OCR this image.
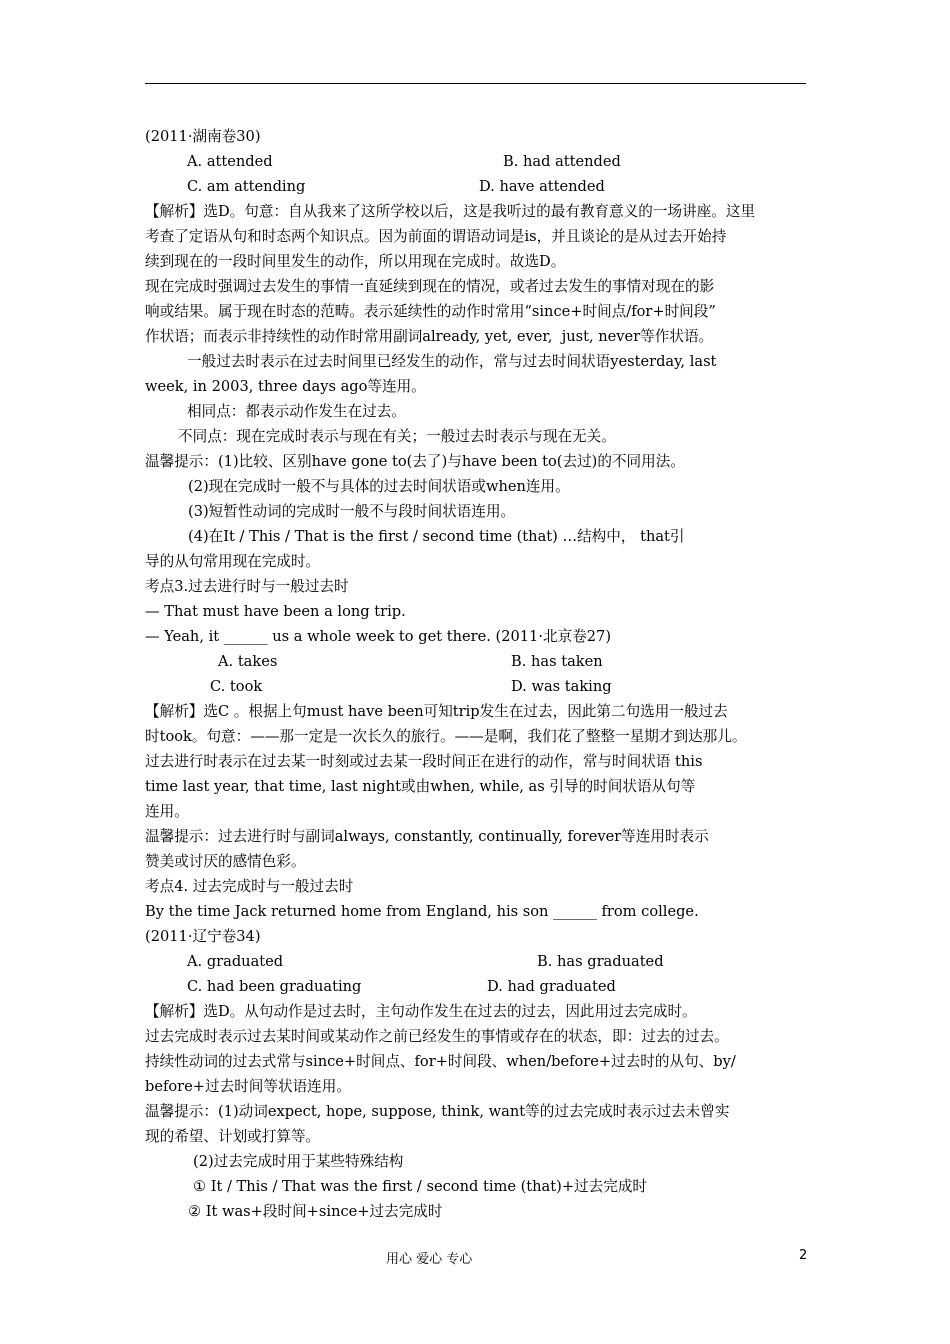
(2011·湖南卷30)
A. attended	B. had attended
C. am attending	D. have attended
【解析】选D。句意：自从我来了这所学校以后，这是我听过的最有教育意义的一场讲座。这里
考查了定语从句和时态两个知识点。因为前面的谓语动词是is，并且谈论的是从过去开始持
续到现在的一段时间里发生的动作，所以用现在完成时。故选D。
现在完成时强调过去发生的事情一直延续到现在的情况，或者过去发生的事情对现在的影
响或结果。属于现在时态的范畴。表示延续性的动作时常用“since+时间点/for+时间段”
作状语；而表示非持续性的动作时常用副词already, yet, ever,  just, never等作状语。
一般过去时表示在过去时间里已经发生的动作，常与过去时间状语yesterday, last
week, in 2003, three days ago等连用。
相同点：都表示动作发生在过去。
不同点：现在完成时表示与现在有关；一般过去时表示与现在无关。
温馨提示：(1)比较、区别have gone to(去了)与have been to(去过)的不同用法。
(2)现在完成时一般不与具体的过去时间状语或when连用。
(3)短暂性动词的完成时一般不与段时间状语连用。
(4)在It / This / That is the first / second time (that) …结构中， that引
导的从句常用现在完成时。
考点3.过去进行时与一般过去时
— That must have been a long trip.
— Yeah, it ______ us a whole week to get there. (2011·北京卷27)
A. takes	B. has taken
C. took	D. was taking
【解析】选C 。根据上句must have been可知trip发生在过去，因此第二句选用一般过去
时took。句意：——那一定是一次长久的旅行。——是啊，我们花了整整一星期才到达那儿。
过去进行时表示在过去某一时刻或过去某一段时间正在进行的动作，常与时间状语 this
time last year, that time, last night或由when, while, as 引导的时间状语从句等
连用。
温馨提示：过去进行时与副词always, constantly, continually, forever等连用时表示
赞美或讨厌的感情色彩。
考点4. 过去完成时与一般过去时
By the time Jack returned home from England, his son ______ from college.
(2011·辽宁卷34)
A. graduated	B. has graduated
C. had been graduating	D. had graduated
【解析】选D。从句动作是过去时，主句动作发生在过去的过去，因此用过去完成时。
过去完成时表示过去某时间或某动作之前已经发生的事情或存在的状态，即：过去的过去。
持续性动词的过去式常与since+时间点、for+时间段、when/before+过去时的从句、by/
before+过去时间等状语连用。
温馨提示：(1)动词expect, hope, suppose, think, want等的过去完成时表示过去未曾实
现的希望、计划或打算等。
(2)过去完成时用于某些特殊结构
① It / This / That was the first / second time (that)+过去完成时
② It was+段时间+since+过去完成时
用心 爱心 专心	2
